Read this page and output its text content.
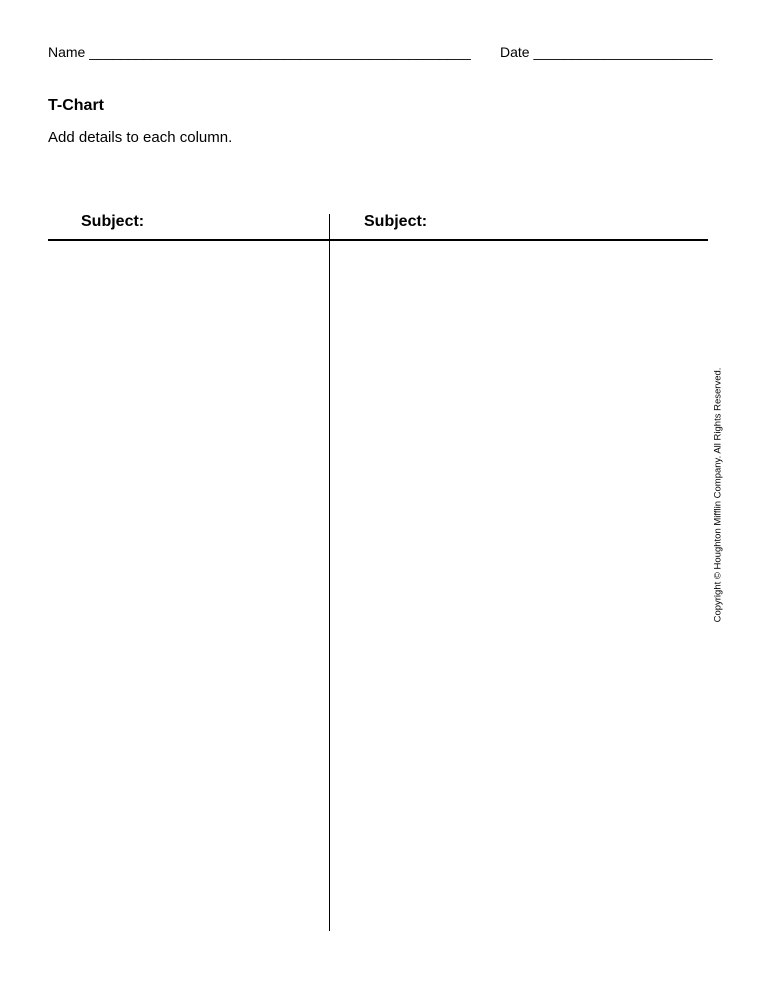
Name _________________________________________________ Date _______________________
T-Chart
Add details to each column.
Subject:	Subject:
Copyright © Houghton Mifflin Company. All Rights Reserved.
